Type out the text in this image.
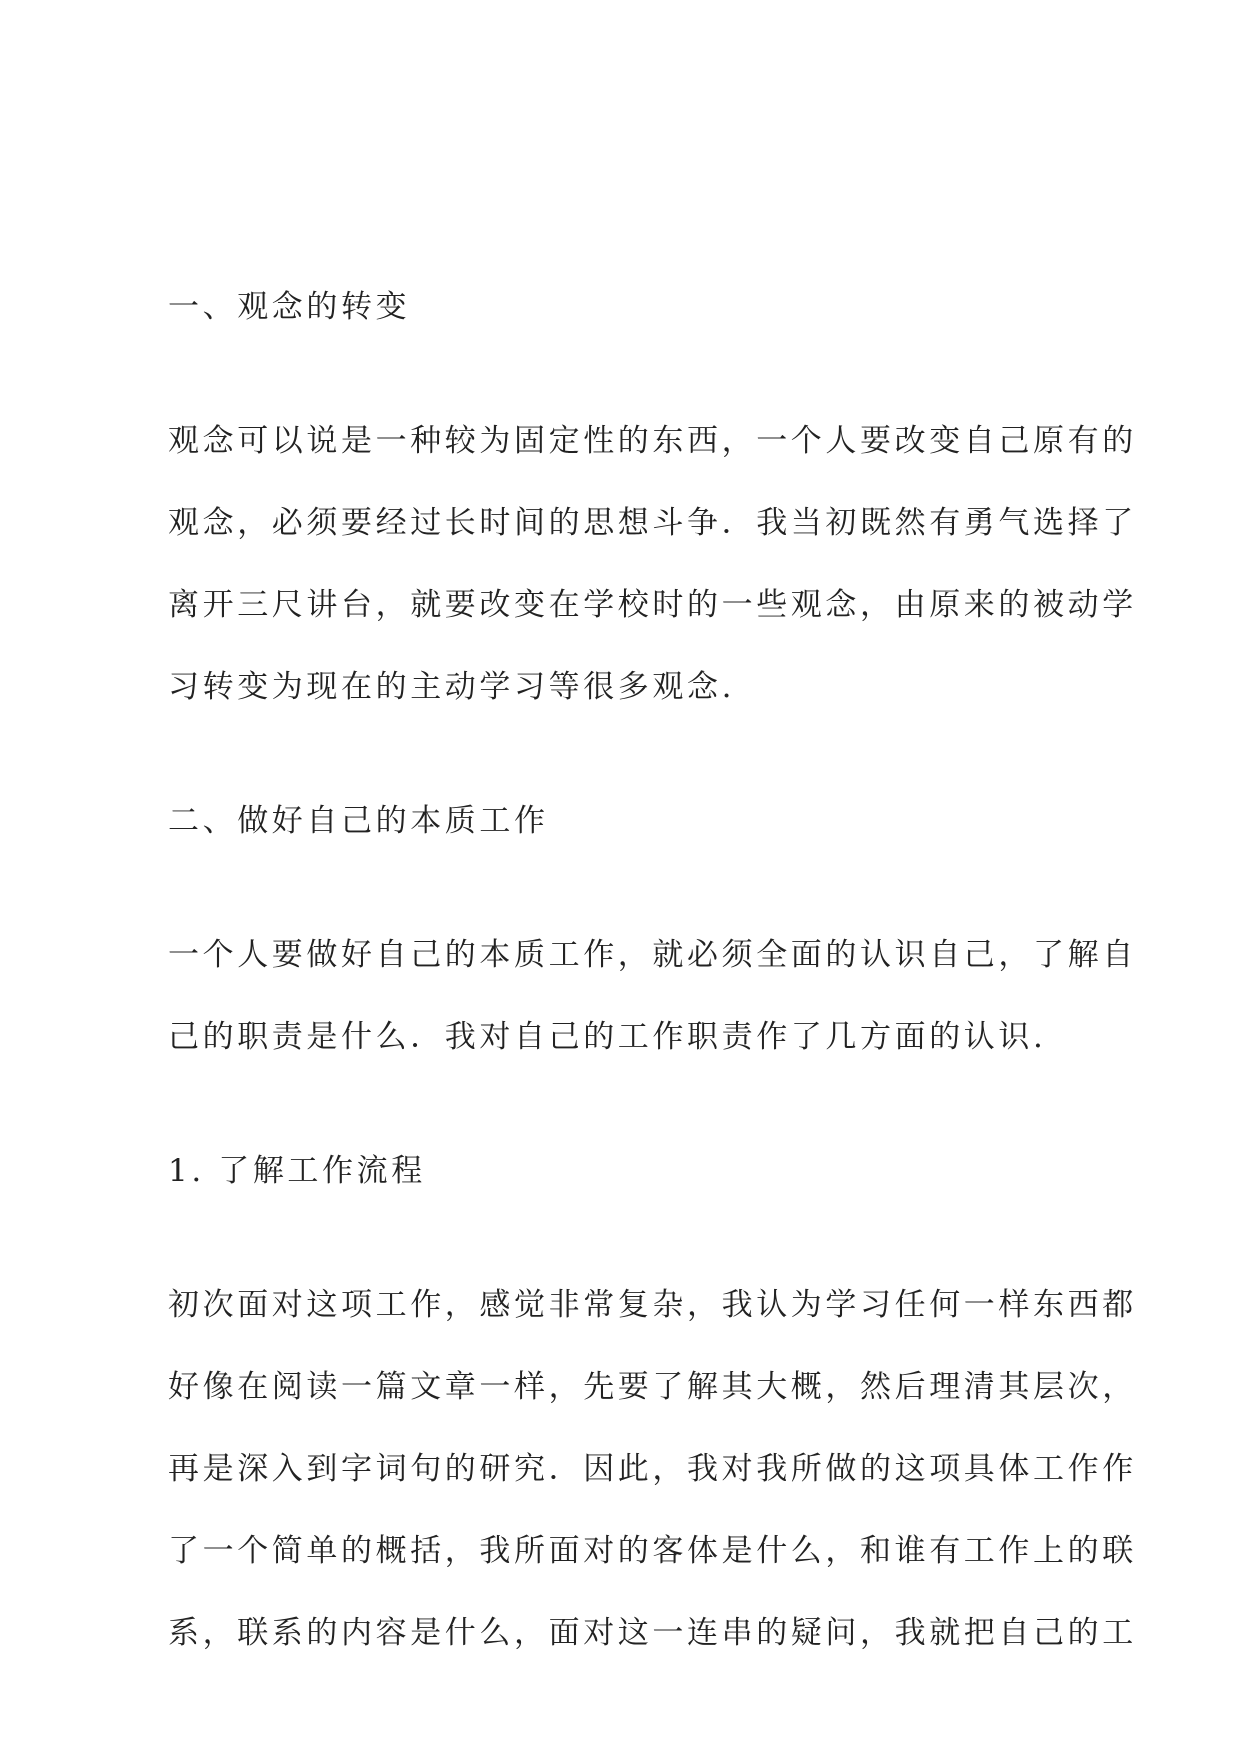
一、观念的转变
观念可以说是一种较为固定性的东西，一个人要改变自己原有的
观念，必须要经过长时间的思想斗争．我当初既然有勇气选择了
离开三尺讲台，就要改变在学校时的一些观念，由原来的被动学
习转变为现在的主动学习等很多观念.
二、做好自己的本质工作
一个人要做好自己的本质工作，就必须全面的认识自己，了解自
己的职责是什么．我对自己的工作职责作了几方面的认识.
1. 了解工作流程
初次面对这项工作，感觉非常复杂，我认为学习任何一样东西都
好像在阅读一篇文章一样，先要了解其大概，然后理清其层次，
再是深入到字词句的研究．因此，我对我所做的这项具体工作作
了一个简单的概括，我所面对的客体是什么，和谁有工作上的联
系，联系的内容是什么，面对这一连串的疑问，我就把自己的工
